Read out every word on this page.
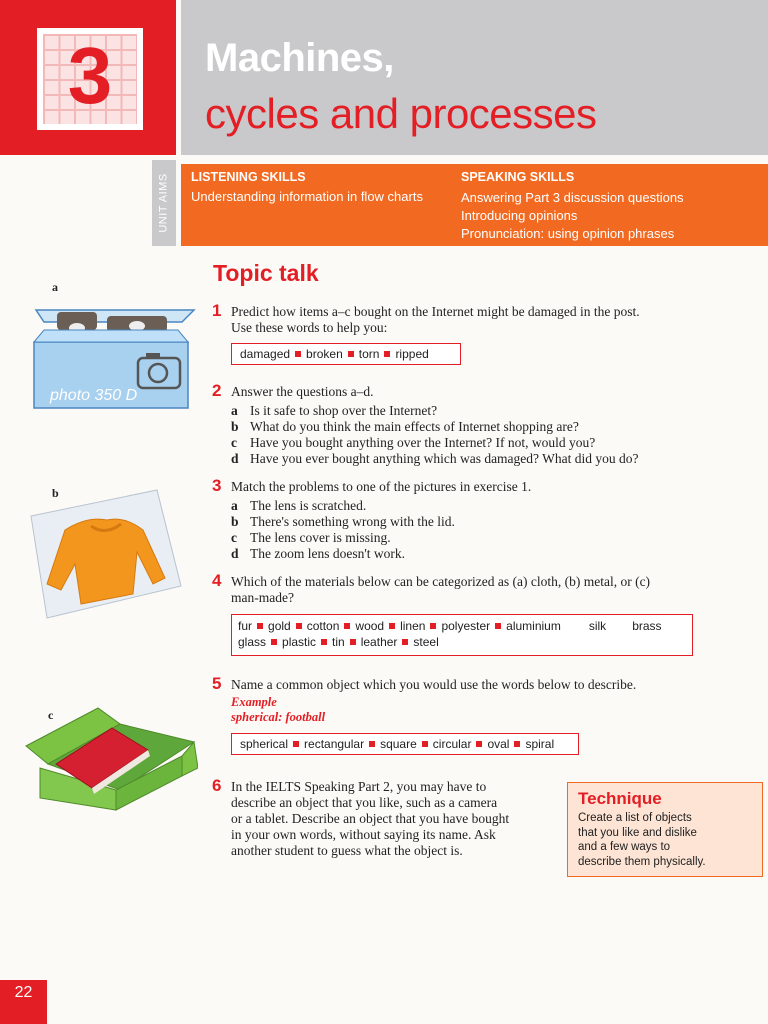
3	Machines,
cycles and processes
UNIT AIMS LISTENING SKILLS
Understanding information in flow charts
SPEAKING SKILLS
Answering Part 3 discussion questions
Introducing opinions
Pronunciation: using opinion phrases
a
photo 350 D
b
c
Topic talk
1 Predict how items a–c bought on the Internet might be damaged in the post.
Use these words to help you:
damaged broken torn ripped
2 Answer the questions a–d.
a Is it safe to shop over the Internet?
b What do you think the main effects of Internet shopping are?
c Have you bought anything over the Internet? If not, would you?
d Have you ever bought anything which was damaged? What did you do?
3 Match the problems to one of the pictures in exercise 1.
a The lens is scratched.
b There's something wrong with the lid.
c The lens cover is missing.
d The zoom lens doesn't work.
4 Which of the materials below can be categorized as (a) cloth, (b) metal, or (c)
man-made?
fur gold cotton wood linen polyester aluminium silk brass
glass plastic tin leather steel
5 Name a common object which you would use the words below to describe.
Example
spherical: football
spherical rectangular square circular oval spiral
6 In the IELTS Speaking Part 2, you may have to
describe an object that you like, such as a camera
or a tablet. Describe an object that you have bought
in your own words, without saying its name. Ask
another student to guess what the object is.
Technique
Create a list of objects
that you like and dislike
and a few ways to
describe them physically.
22
